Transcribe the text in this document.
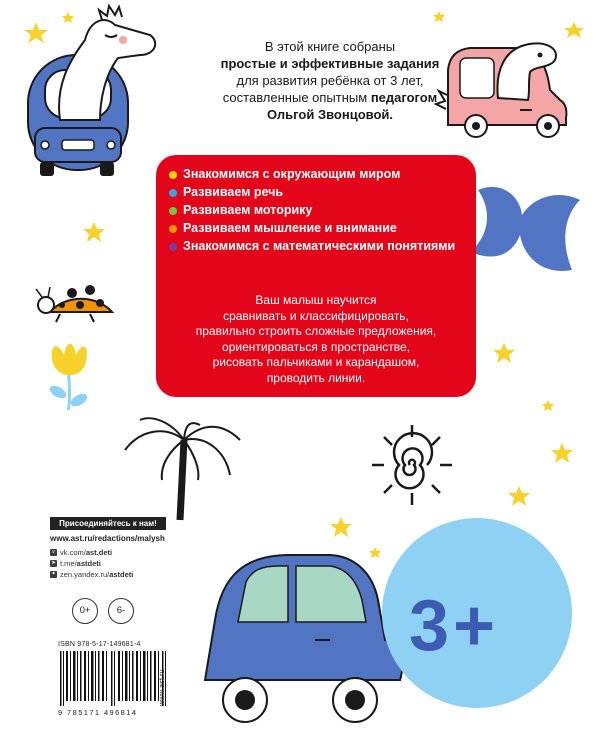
В этой книге собраны
простые и эффективные задания
для развития ребёнка от 3 лет,
составленные опытным педагогом
Ольгой Звонцовой.
Знакомимся с окружающим миром
Развиваем речь
Развиваем моторику
Развиваем мышление и внимание
Знакомимся с математическими понятиями
Ваш малыш научится
сравнивать и классифицировать,
правильно строить сложные предложения,
ориентироваться в пространстве,
рисовать пальчиками и карандашом,
проводить линии.
Присоединяйтесь к нам!
www.ast.ru/redactions/malysh
v vk.com/ ast.deti
➤ t.me/ astdeti
✦ zen.yandex.ru/ astdeti
0+	6-
ISBN 978-5-17-149681-4
9 785171 496814
www.ast.ru
3+
